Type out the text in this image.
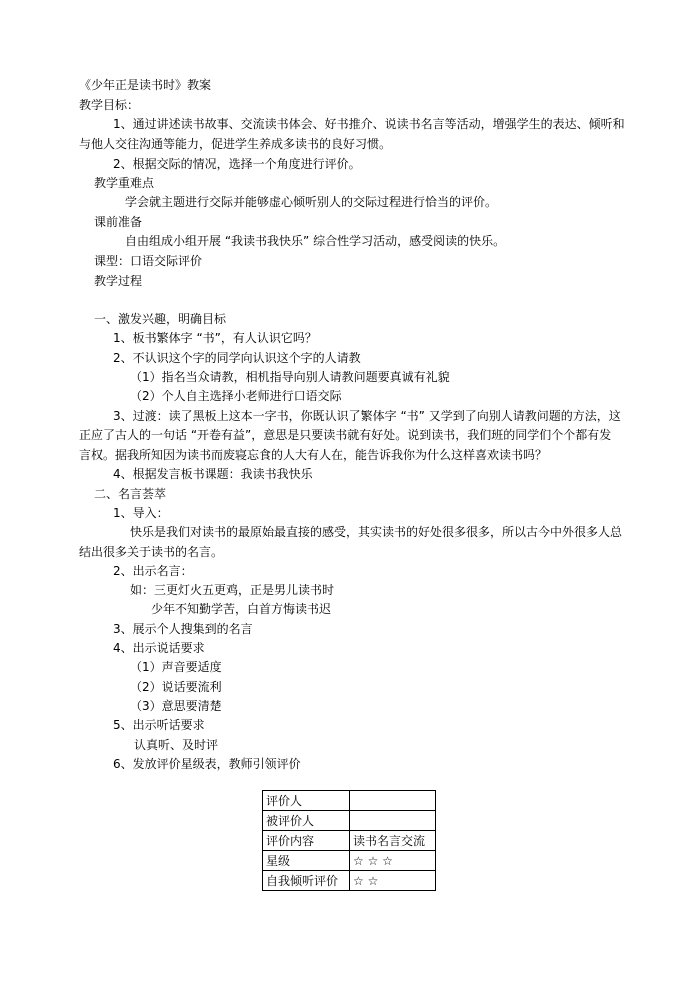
《少年正是读书时》教案
教学目标：
1、通过讲述读书故事、交流读书体会、好书推介、说读书名言等活动，增强学生的表达、倾听和
与他人交往沟通等能力，促进学生养成多读书的良好习惯。
2、根据交际的情况，选择一个角度进行评价。
教学重难点
学会就主题进行交际并能够虚心倾听别人的交际过程进行恰当的评价。
课前准备
自由组成小组开展 “我读书我快乐” 综合性学习活动，感受阅读的快乐。
课型：口语交际评价
教学过程
一、激发兴趣，明确目标
1、板书繁体字 “书”，有人认识它吗？
2、不认识这个字的同学向认识这个字的人请教
（1）指名当众请教，相机指导向别人请教问题要真诚有礼貌
（2）个人自主选择小老师进行口语交际
3、过渡：读了黑板上这本一字书，你既认识了繁体字 “书” 又学到了向别人请教问题的方法，这
正应了古人的一句话 “开卷有益”，意思是只要读书就有好处。说到读书，我们班的同学们个个都有发
言权。据我所知因为读书而废寝忘食的人大有人在，能告诉我你为什么这样喜欢读书吗？
4、根据发言板书课题：我读书我快乐
二、名言荟萃
1、导入：
快乐是我们对读书的最原始最直接的感受，其实读书的好处很多很多，所以古今中外很多人总
结出很多关于读书的名言。
2、出示名言：
如：三更灯火五更鸡，正是男儿读书时
少年不知勤学苦，白首方悔读书迟
3、展示个人搜集到的名言
4、出示说话要求
（1）声音要适度
（2）说话要流利
（3）意思要清楚
5、出示听话要求
认真听、及时评
6、发放评价星级表，教师引领评价
评价人	
被评价人	
评价内容	读书名言交流
星级	☆ ☆ ☆
自我倾听评价	☆ ☆
